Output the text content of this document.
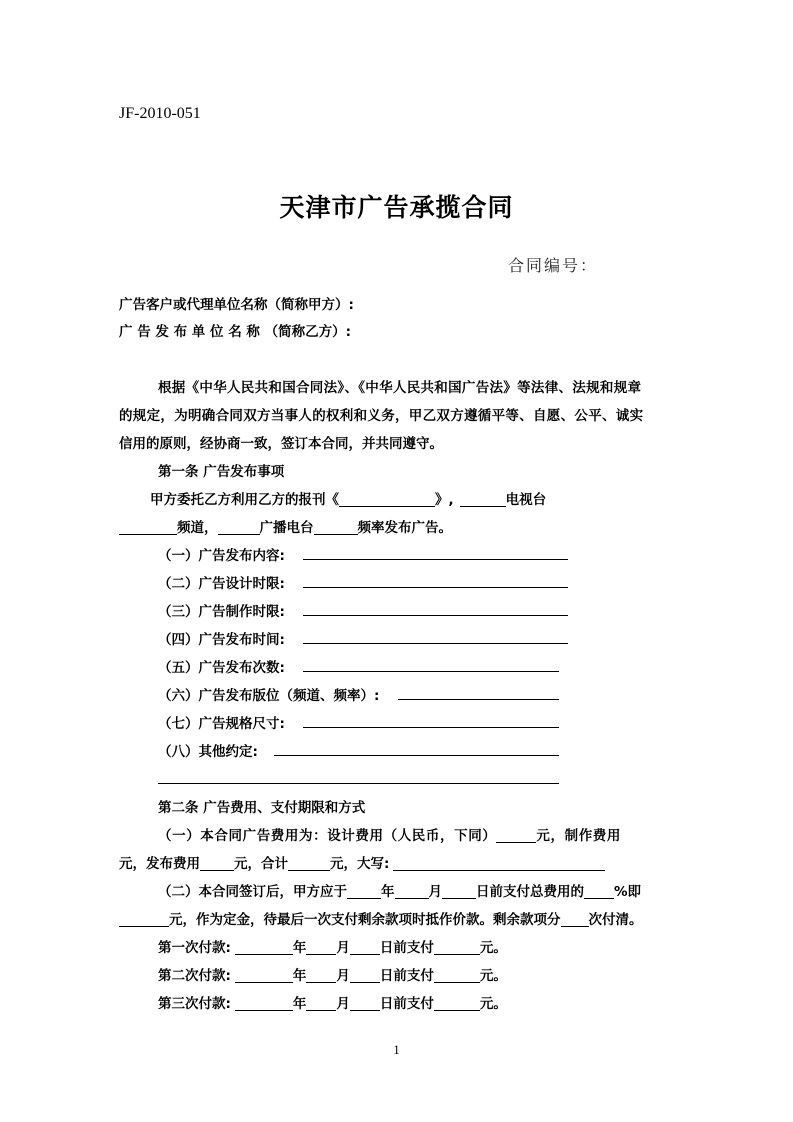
JF-2010-051
天津市广告承揽合同
合同编号：
广告客户或代理单位名称（简称甲方）:
广 告 发 布 单 位 名 称 （简称乙方）:
根据《中华人民共和国合同法》、《中华人民共和国广告法》等法律、法规和规章
的规定，为明确合同双方当事人的权利和义务，甲乙双方遵循平等、自愿、公平、诚实
信用的原则，经协商一致，签订本合同，并共同遵守。
第一条 广告发布事项
甲方委托乙方利用乙方的报刊《	》,	电视台
频道，	广播电台	频率发布广告。
（一）广告发布内容:
（二）广告设计时限:
（三）广告制作时限:
（四）广告发布时间:
（五）广告发布次数:
（六）广告发布版位（频道、频率）:
（七）广告规格尺寸:
（八）其他约定:
第二条 广告费用、支付期限和方式
（一）本合同广告费用为：设计费用（人民币，下同）	元，制作费用
元，发布费用	元，合计	元，大写:
（二）本合同签订后，甲方应于	年	月	日前支付总费用的 %即
元，作为定金，待最后一次支付剩余款项时抵作价款。剩余款项分 次付清。
第一次付款:	年 月 日前支付	元。
第二次付款:	年 月 日前支付	元。
第三次付款:	年 月 日前支付	元。
1
